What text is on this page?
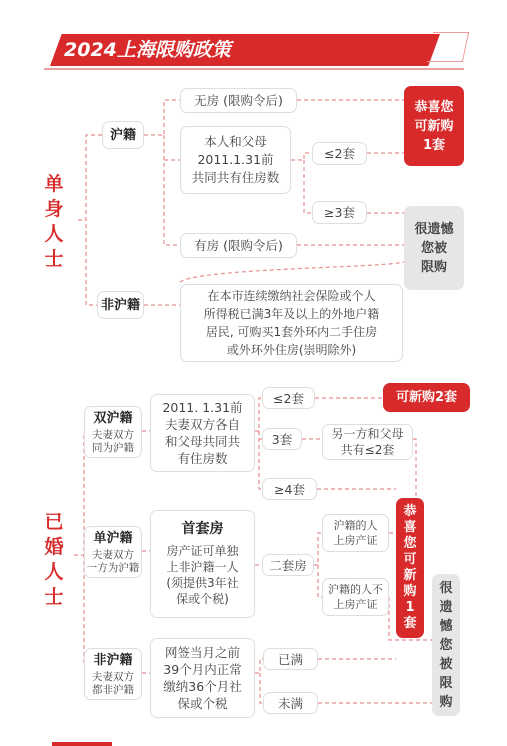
2024上海限购政策
单
身
人
士
沪籍
无房 (限购令后)
本人和父母
2011.1.31前
共同共有住房数
≤2套
≥3套
有房 (限购令后)
非沪籍
在本市连续缴纳社会保险或个人
所得税已满3年及以上的外地户籍
居民, 可购买1套外环内二手住房
或外环外住房(崇明除外)
恭喜您
可新购
1套
很遗憾
您被
限购
已
婚
人
士
双沪籍
夫妻双方
同为沪籍
2011. 1.31前
夫妻双方各自
和父母共同共
有住房数
≤2套
3套
≥4套
另一方和父母
共有≤2套
可新购2套
单沪籍
夫妻双方
一方为沪籍
首套房
房产证可单独
上非沪籍一人
(须提供3年社
保或个税)
二套房
沪籍的人
上房产证
沪籍的人不
上房产证
非沪籍
夫妻双方
都非沪籍
网签当月之前
39个月内正常
缴纳36个月社
保或个税
已满
未满
恭
喜
您
可
新
购
1
套
很
遗
憾
您
被
限
购
